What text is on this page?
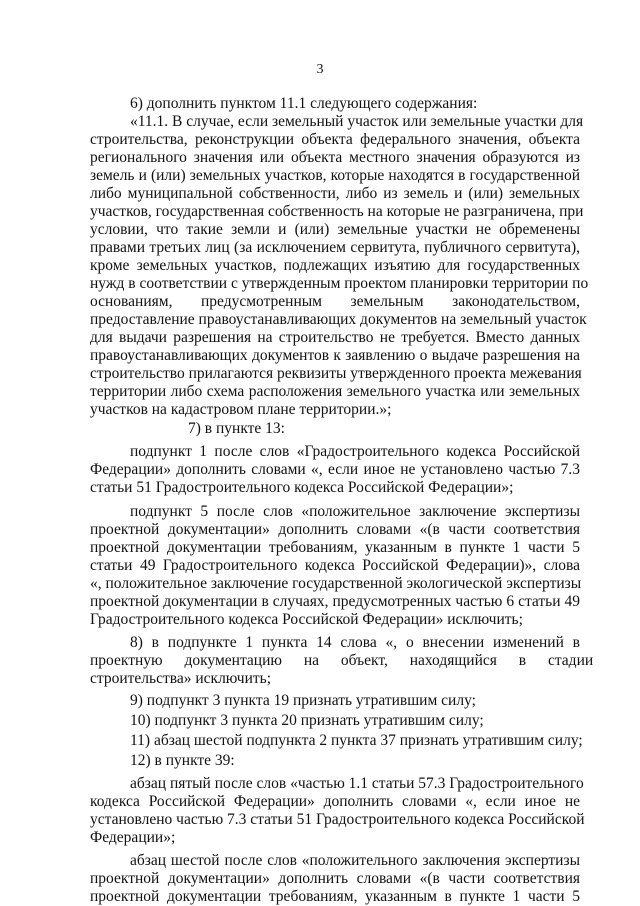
3
6) дополнить пунктом 11.1 следующего содержания:
«11.1. В случае, если земельный участок или земельные участки для
строительства, реконструкции объекта федерального значения, объекта
регионального значения или объекта местного значения образуются из
земель и (или) земельных участков, которые находятся в государственной
либо муниципальной собственности, либо из земель и (или) земельных
участков, государственная собственность на которые не разграничена, при
условии, что такие земли и (или) земельные участки не обременены
правами третьих лиц (за исключением сервитута, публичного сервитута),
кроме земельных участков, подлежащих изъятию для государственных
нужд в соответствии с утвержденным проектом планировки территории по
основаниям, предусмотренным земельным законодательством,
предоставление правоустанавливающих документов на земельный участок
для выдачи разрешения на строительство не требуется. Вместо данных
правоустанавливающих документов к заявлению о выдаче разрешения на
строительство прилагаются реквизиты утвержденного проекта межевания
территории либо схема расположения земельного участка или земельных
участков на кадастровом плане территории.»;
7) в пункте 13:
подпункт 1 после слов «Градостроительного кодекса Российской
Федерации» дополнить словами «, если иное не установлено частью 7.3
статьи 51 Градостроительного кодекса Российской Федерации»;
подпункт 5 после слов «положительное заключение экспертизы
проектной документации» дополнить словами «(в части соответствия
проектной документации требованиям, указанным в пункте 1 части 5
статьи 49 Градостроительного кодекса Российской Федерации)», слова
«, положительное заключение государственной экологической экспертизы
проектной документации в случаях, предусмотренных частью 6 статьи 49
Градостроительного кодекса Российской Федерации» исключить;
8) в подпункте 1 пункта 14 слова «, о внесении изменений в
проектную документацию на объект, находящийся в стадии
строительства» исключить;
9) подпункт 3 пункта 19 признать утратившим силу;
10) подпункт 3 пункта 20 признать утратившим силу;
11) абзац шестой подпункта 2 пункта 37 признать утратившим силу;
12) в пункте 39:
абзац пятый после слов «частью 1.1 статьи 57.3 Градостроительного
кодекса Российской Федерации» дополнить словами «, если иное не
установлено частью 7.3 статьи 51 Градостроительного кодекса Российской
Федерации»;
абзац шестой после слов «положительного заключения экспертизы
проектной документации» дополнить словами «(в части соответствия
проектной документации требованиям, указанным в пункте 1 части 5
